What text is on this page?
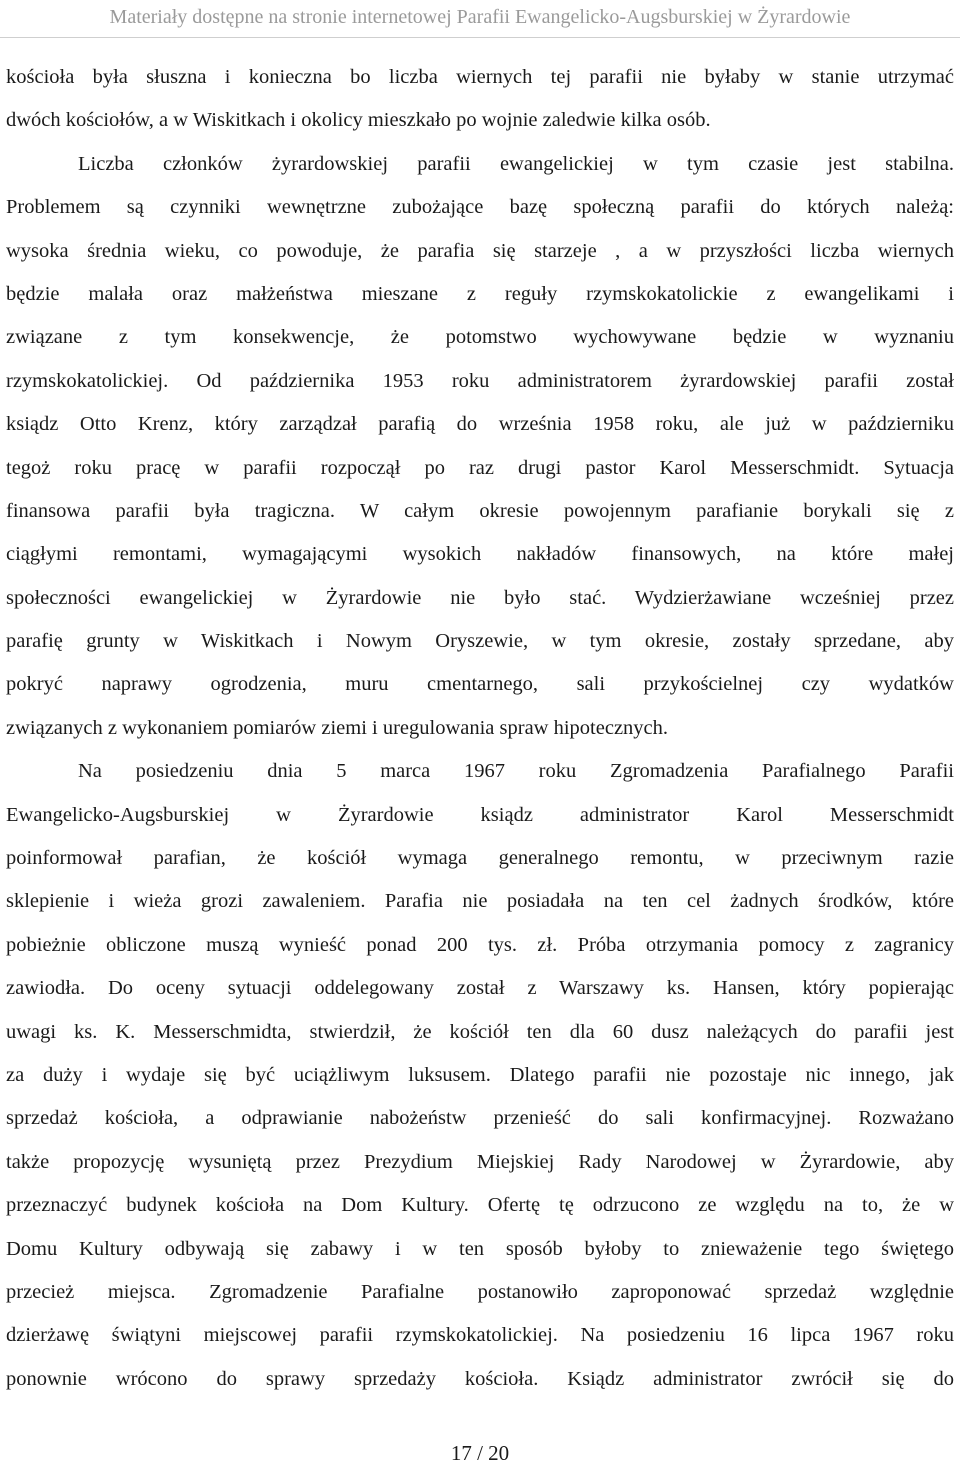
Materiały dostępne na stronie internetowej Parafii Ewangelicko-Augsburskiej w Żyrardowie
kościoła była słuszna i konieczna bo liczba wiernych tej parafii nie byłaby w stanie utrzymać
dwóch kościołów, a w Wiskitkach i okolicy mieszkało po wojnie zaledwie kilka osób.
Liczba członków żyrardowskiej parafii ewangelickiej w tym czasie jest stabilna.
Problemem są czynniki wewnętrzne zubożające bazę społeczną parafii do których należą:
wysoka średnia wieku, co powoduje, że parafia się starzeje , a w przyszłości liczba wiernych
będzie malała oraz małżeństwa mieszane z reguły rzymskokatolickie z ewangelikami i
związane z tym konsekwencje, że potomstwo wychowywane będzie w wyznaniu
rzymskokatolickiej. Od października 1953 roku administratorem żyrardowskiej parafii został
ksiądz Otto Krenz, który zarządzał parafią do września 1958 roku, ale już w październiku
tegoż roku pracę w parafii rozpoczął po raz drugi pastor Karol Messerschmidt. Sytuacja
finansowa parafii była tragiczna. W całym okresie powojennym parafianie borykali się z
ciągłymi remontami, wymagającymi wysokich nakładów finansowych, na które małej
społeczności ewangelickiej w Żyrardowie nie było stać. Wydzierżawiane wcześniej przez
parafię grunty w Wiskitkach i Nowym Oryszewie, w tym okresie, zostały sprzedane, aby
pokryć naprawy ogrodzenia, muru cmentarnego, sali przykościelnej czy wydatków
związanych z wykonaniem pomiarów ziemi i uregulowania spraw hipotecznych.
Na posiedzeniu dnia 5 marca 1967 roku Zgromadzenia Parafialnego Parafii
Ewangelicko-Augsburskiej w Żyrardowie ksiądz administrator Karol Messerschmidt
poinformował parafian, że kościół wymaga generalnego remontu, w przeciwnym razie
sklepienie i wieża grozi zawaleniem. Parafia nie posiadała na ten cel żadnych środków, które
pobieżnie obliczone muszą wynieść ponad 200 tys. zł. Próba otrzymania pomocy z zagranicy
zawiodła. Do oceny sytuacji oddelegowany został z Warszawy ks. Hansen, który popierając
uwagi ks. K. Messerschmidta, stwierdził, że kościół ten dla 60 dusz należących do parafii jest
za duży i wydaje się być uciążliwym luksusem. Dlatego parafii nie pozostaje nic innego, jak
sprzedaż kościoła, a odprawianie nabożeństw przenieść do sali konfirmacyjnej. Rozważano
także propozycję wysuniętą przez Prezydium Miejskiej Rady Narodowej w Żyrardowie, aby
przeznaczyć budynek kościoła na Dom Kultury. Ofertę tę odrzucono ze względu na to, że w
Domu Kultury odbywają się zabawy i w ten sposób byłoby to znieważenie tego świętego
przecież miejsca. Zgromadzenie Parafialne postanowiło zaproponować sprzedaż względnie
dzierżawę świątyni miejscowej parafii rzymskokatolickiej. Na posiedzeniu 16 lipca 1967 roku
ponownie wrócono do sprawy sprzedaży kościoła. Ksiądz administrator zwrócił się do
17 / 20
